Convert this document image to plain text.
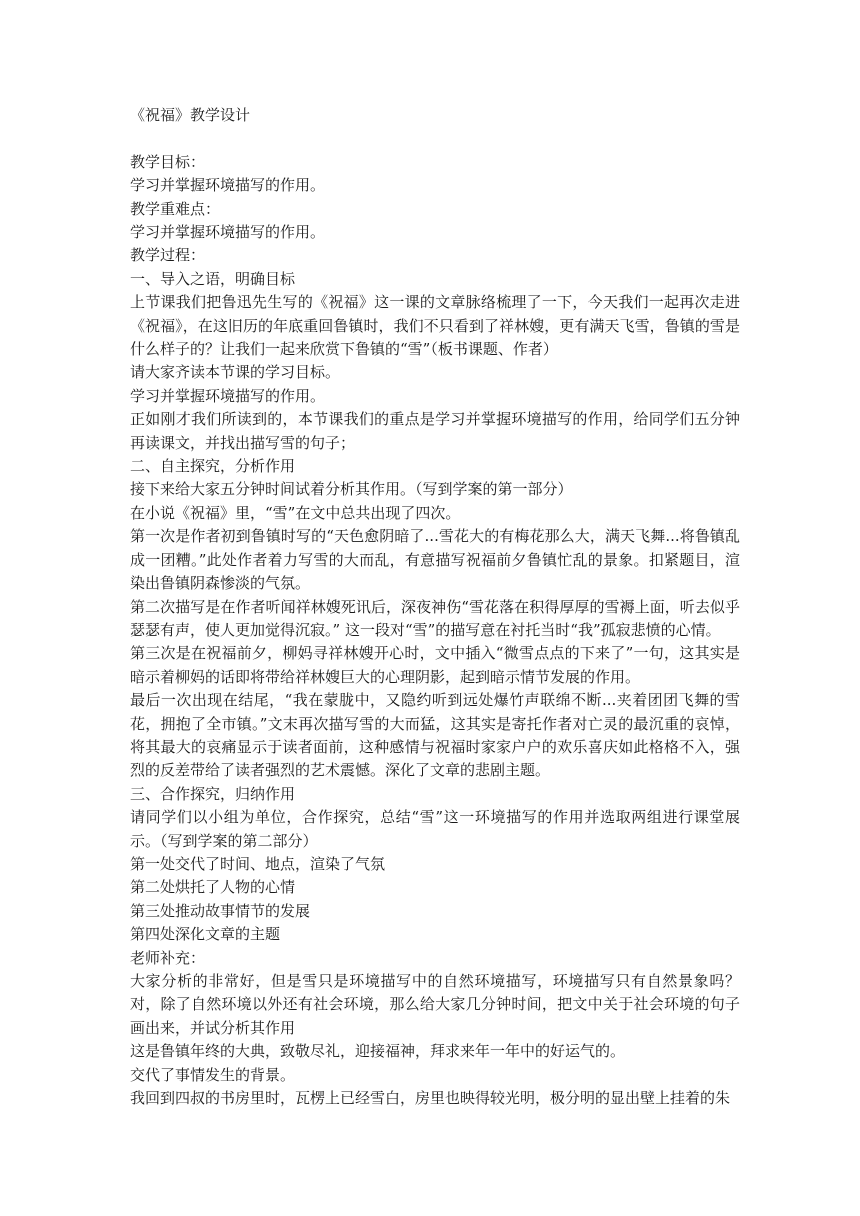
《祝福》教学设计

教学目标：

学习并掌握环境描写的作用。

教学重难点：

学习并掌握环境描写的作用。

教学过程：

一、导入之语，明确目标

上节课我们把鲁迅先生写的《祝福》这一课的文章脉络梳理了一下，今天我们一起再次走进《祝福》，在这旧历的年底重回鲁镇时，我们不只看到了祥林嫂，更有满天飞雪，鲁镇的雪是什么样子的？让我们一起来欣赏下鲁镇的“雪”（板书课题、作者）

请大家齐读本节课的学习目标。

学习并掌握环境描写的作用。

正如刚才我们所读到的，本节课我们的重点是学习并掌握环境描写的作用，给同学们五分钟再读课文，并找出描写雪的句子；

二、自主探究，分析作用

接下来给大家五分钟时间试着分析其作用。（写到学案的第一部分）

在小说《祝福》里，“雪”在文中总共出现了四次。

第一次是作者初到鲁镇时写的“天色愈阴暗了...雪花大的有梅花那么大，满天飞舞...将鲁镇乱成一团糟。”此处作者着力写雪的大而乱，有意描写祝福前夕鲁镇忙乱的景象。扣紧题目，渲染出鲁镇阴森惨淡的气氛。

第二次描写是在作者听闻祥林嫂死讯后，深夜神伤“雪花落在积得厚厚的雪褥上面，听去似乎瑟瑟有声，使人更加觉得沉寂。” 这一段对“雪”的描写意在衬托当时“我”孤寂悲愤的心情。

第三次是在祝福前夕，柳妈寻祥林嫂开心时，文中插入“微雪点点的下来了”一句，这其实是暗示着柳妈的话即将带给祥林嫂巨大的心理阴影，起到暗示情节发展的作用。

最后一次出现在结尾，“我在蒙胧中，又隐约听到远处爆竹声联绵不断...夹着团团飞舞的雪花，拥抱了全市镇。”文末再次描写雪的大而猛，这其实是寄托作者对亡灵的最沉重的哀悼，将其最大的哀痛显示于读者面前，这种感情与祝福时家家户户的欢乐喜庆如此格格不入，强烈的反差带给了读者强烈的艺术震憾。深化了文章的悲剧主题。

三、合作探究，归纳作用

请同学们以小组为单位，合作探究，总结“雪”这一环境描写的作用并选取两组进行课堂展示。（写到学案的第二部分）

第一处交代了时间、地点，渲染了气氛

第二处烘托了人物的心情

第三处推动故事情节的发展

第四处深化文章的主题

老师补充：

大家分析的非常好，但是雪只是环境描写中的自然环境描写，环境描写只有自然景象吗？对，除了自然环境以外还有社会环境，那么给大家几分钟时间，把文中关于社会环境的句子画出来，并试分析其作用

这是鲁镇年终的大典，致敬尽礼，迎接福神，拜求来年一年中的好运气的。

交代了事情发生的背景。

我回到四叔的书房里时，瓦楞上已经雪白，房里也映得较光明，极分明的显出壁上挂着的朱
